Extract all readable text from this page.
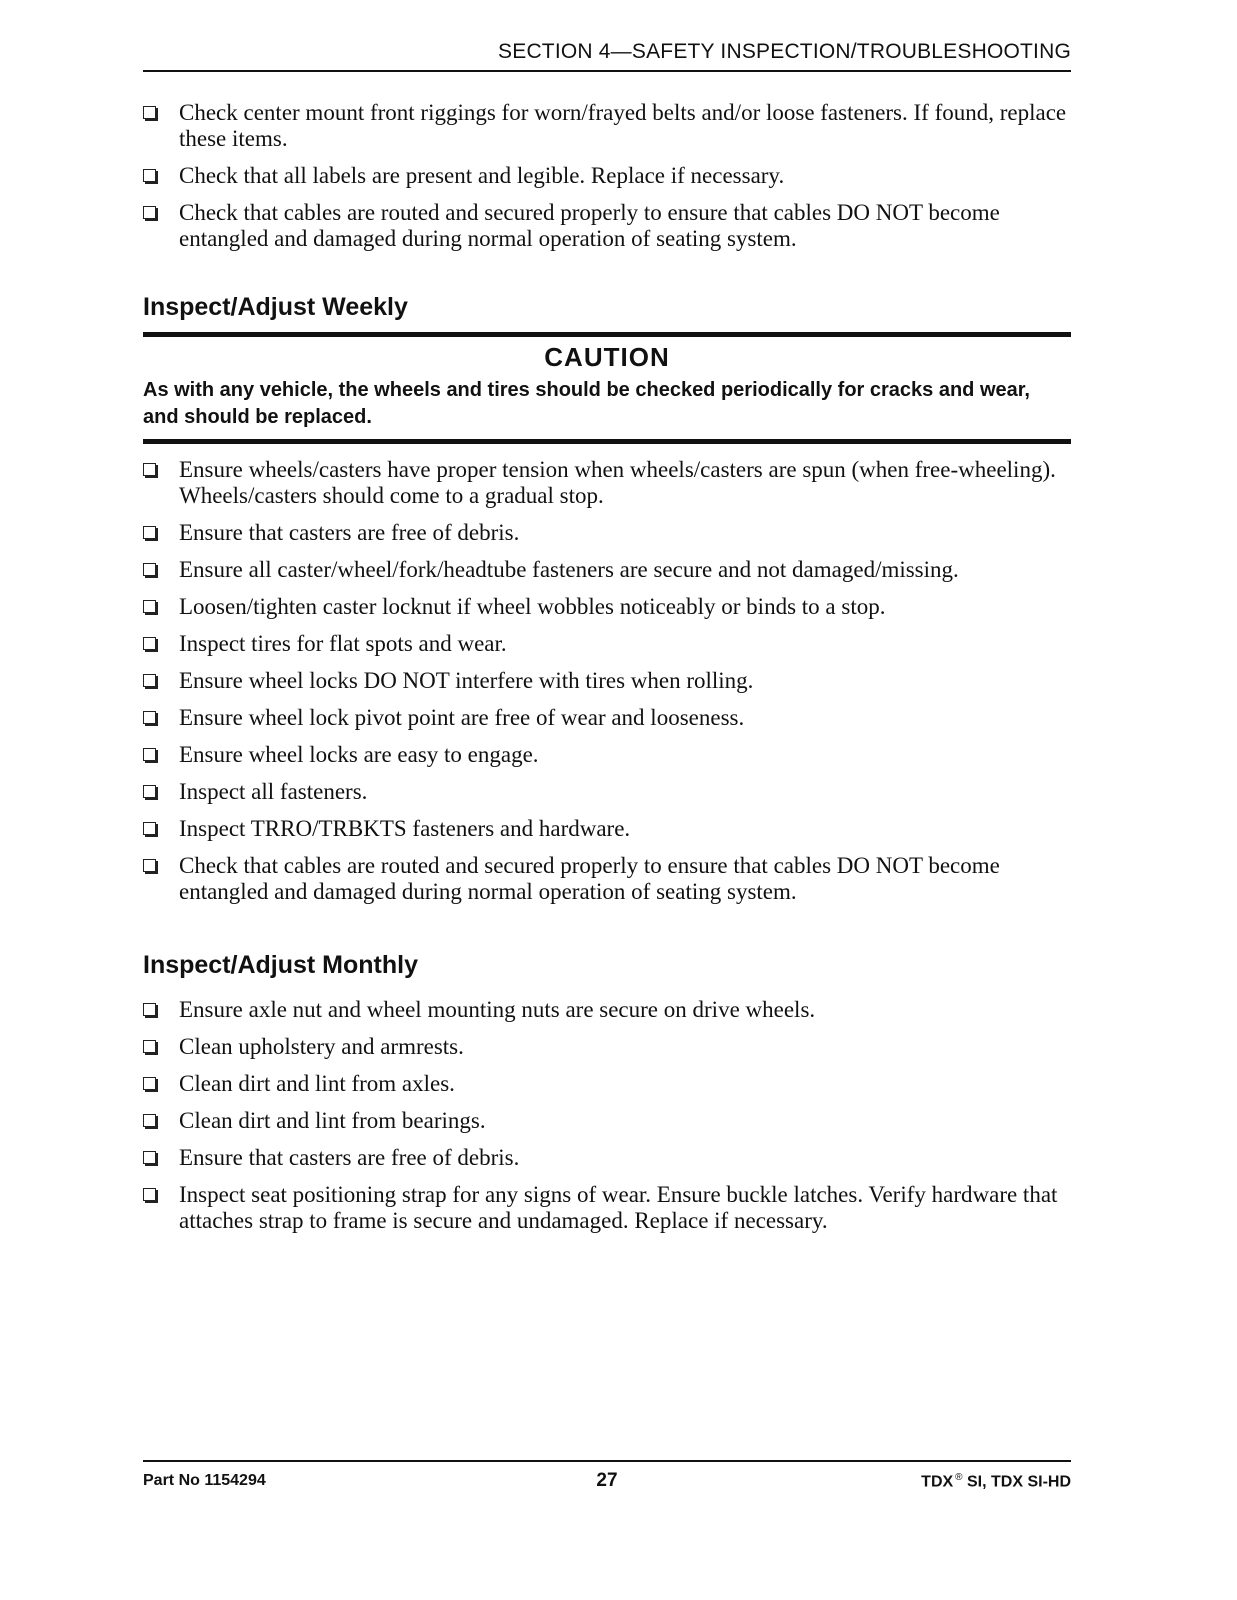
SECTION 4—SAFETY INSPECTION/TROUBLESHOOTING
Check center mount front riggings for worn/frayed belts and/or loose fasteners. If found, replace these items.
Check that all labels are present and legible. Replace if necessary.
Check that cables are routed and secured properly to ensure that cables DO NOT become entangled and damaged during normal operation of seating system.
Inspect/Adjust Weekly
CAUTION
As with any vehicle, the wheels and tires should be checked periodically for cracks and wear, and should be replaced.
Ensure wheels/casters have proper tension when wheels/casters are spun (when free-wheeling). Wheels/casters should come to a gradual stop.
Ensure that casters are free of debris.
Ensure all caster/wheel/fork/headtube fasteners are secure and not damaged/missing.
Loosen/tighten caster locknut if wheel wobbles noticeably or binds to a stop.
Inspect tires for flat spots and wear.
Ensure wheel locks DO NOT interfere with tires when rolling.
Ensure wheel lock pivot point are free of wear and looseness.
Ensure wheel locks are easy to engage.
Inspect all fasteners.
Inspect TRRO/TRBKTS fasteners and hardware.
Check that cables are routed and secured properly to ensure that cables DO NOT become entangled and damaged during normal operation of seating system.
Inspect/Adjust Monthly
Ensure axle nut and wheel mounting nuts are secure on drive wheels.
Clean upholstery and armrests.
Clean dirt and lint from axles.
Clean dirt and lint from bearings.
Ensure that casters are free of debris.
Inspect seat positioning strap for any signs of wear. Ensure buckle latches. Verify hardware that attaches strap to frame is secure and undamaged. Replace if necessary.
Part No 1154294	27	TDX ® SI, TDX SI-HD
